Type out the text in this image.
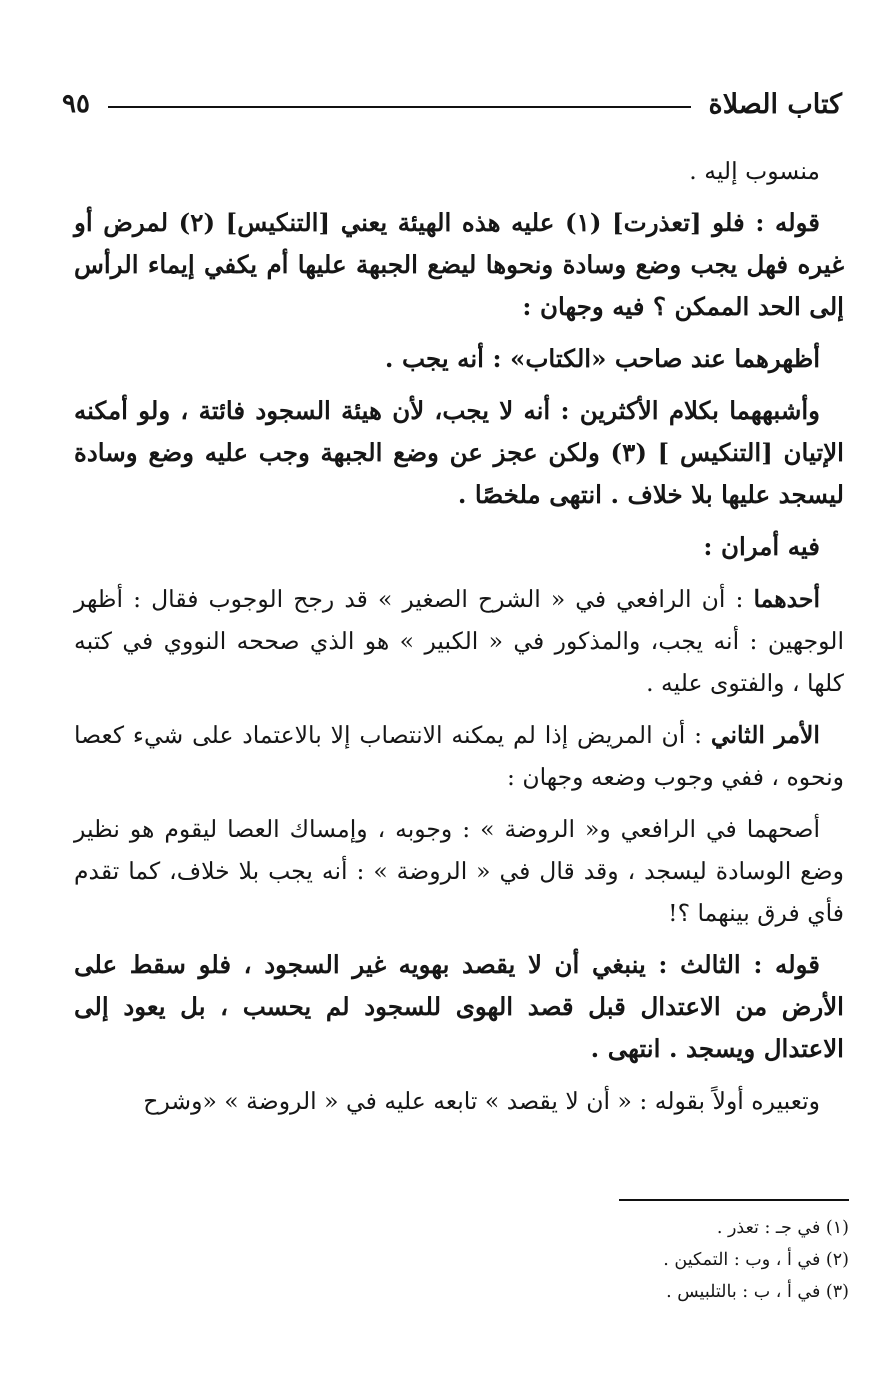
كتاب الصلاة
٩٥

منسوب إليه .

قوله : فلو [تعذرت] (١) عليه هذه الهيئة يعني [التنكيس] (٢) لمرض أو غيره فهل يجب وضع وسادة ونحوها ليضع الجبهة عليها أم يكفي إيماء الرأس إلى الحد الممكن ؟ فيه وجهان :

أظهرهما عند صاحب «الكتاب» : أنه يجب .

وأشبههما بكلام الأكثرين : أنه لا يجب، لأن هيئة السجود فائتة ، ولو أمكنه الإتيان [التنكيس ] (٣) ولكن عجز عن وضع الجبهة وجب عليه وضع وسادة ليسجد عليها بلا خلاف . انتهى ملخصًا .

فيه أمران :

أحدهما : أن الرافعي في « الشرح الصغير » قد رجح الوجوب فقال : أظهر الوجهين : أنه يجب، والمذكور في « الكبير » هو الذي صححه النووي في كتبه كلها ، والفتوى عليه .

الأمر الثاني : أن المريض إذا لم يمكنه الانتصاب إلا بالاعتماد على شيء كعصا ونحوه ، ففي وجوب وضعه وجهان :

أصحهما في الرافعي و« الروضة » : وجوبه ، وإمساك العصا ليقوم هو نظير وضع الوسادة ليسجد ، وقد قال في « الروضة » : أنه يجب بلا خلاف، كما تقدم فأي فرق بينهما ؟!

قوله : الثالث : ينبغي أن لا يقصد بهويه غير السجود ، فلو سقط على الأرض من الاعتدال قبل قصد الهوى للسجود لم يحسب ، بل يعود إلى الاعتدال ويسجد . انتهى .

وتعبيره أولاً بقوله : « أن لا يقصد » تابعه عليه في « الروضة » «وشرح

(١) في جـ : تعذر .

(٢) في أ ، وب : التمكين .

(٣) في أ ، ب : بالتلبيس .
